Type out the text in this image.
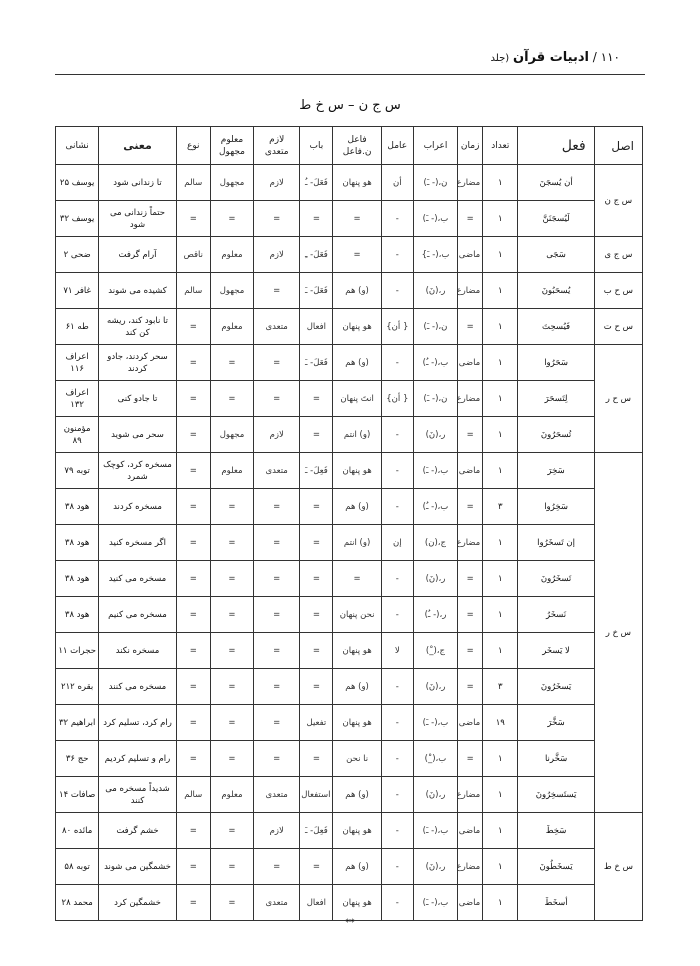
۱۱۰ / ادبیات قرآن (جلد
س ج ن – س خ ط
اصل	فعل	تعداد	زمان	اعراب	عامل	فاعل ن.فاعل	باب	لازم متعدی	معلوم مجهول	نوع	معنی	نشانی
س ج ن	أن يُسجَنَ	۱	مضارع	ن،(- ـَ)	أن	هو پنهان	فَعَلَ- ـُ	لازم	مجهول	سالم	تا زندانی شود	یوسف ۲۵
	لَيُسجَنَنَّ	۱	=	ب،(- ـَ)	-	=	=	=	=	=	حتماً زندانی می شود	یوسف ۳۲
س ج ی	سَجَی	۱	ماضی	ب،(- ـَ}	-	=	فَعَلَ- ـِ	لازم	معلوم	ناقص	آرام گرفت	ضحی ۲
س ح ب	يُسحَبُونَ	۱	مضارع	ر،(نَ)	-	(و) هم	فَعَلَ- ـَ	=	مجهول	سالم	کشیده می شوند	غافر ۷۱
س ح ت	فَيُسحِتَ	۱	=	ن،(- ـَ)	{ أن}	هو پنهان	افعال	متعدی	معلوم	=	تا نابود کند، ریشه کن کند	طه ۶۱
س ح ر	سَحَرُوا	۱	ماضی	ب،(- ـُ)	-	(و) هم	فَعَلَ- ـَ	=	=	=	سحر کردند، جادو کردند	اعراف ۱۱۶
	لِتَسحَرَ	۱	مضارع	ن،(- ـَ)	{ أن}	انتَ پنهان	=	=	=	=	تا جادو کنی	اعراف ۱۳۲
	تُسحَرُونَ	۱	=	ر،(نَ)	-	(و) انتم	=	لازم	مجهول	=	سحر می شوید	مؤمنون ۸۹
س خ ر	سَخِرَ	۱	ماضی	ب،(- ـَ)	-	هو پنهان	فَعِلَ- ـَ	متعدی	معلوم	=	مسخره کرد، کوچک شمرد	توبه ۷۹
	سَخِرُوا	۳	=	ب،(- ـُ)	-	(و) هم	=	=	=	=	مسخره کردند	هود ۳۸
	إن تَسخَرُوا	۱	مضارع	ج،(ن)	إن	(و) انتم	=	=	=	=	اگر مسخره کنید	هود ۳۸
	تَسخَرُونَ	۱	=	ر،(نَ)	-	=	=	=	=	=	مسخره می کنید	هود ۳۸
	نَسخَرُ	۱	=	ر،(- ـُ)	-	نحن پنهان	=	=	=	=	مسخره می کنیم	هود ۳۸
	لا يَسخَر	۱	=	ج،(_ْ)	لا	هو پنهان	=	=	=	=	مسخره نکند	حجرات ۱۱
	يَسخَرُونَ	۳	=	ر،(نَ)	-	(و) هم	=	=	=	=	مسخره می کنند	بقره ۲۱۲
	سَخَّرَ	۱۹	ماضی	ب،(- ـَ)	-	هو پنهان	تفعیل	=	=	=	رام کرد، تسلیم کرد	ابراهیم ۳۲
	سَخَّرنا	۱	=	ب،(_ْ)	-	نا نحن	=	=	=	=	رام و تسلیم کردیم	حج ۳۶
	يَستَسخِرُونَ	۱	مضارع	ر،(نَ)	-	(و) هم	استفعال	متعدی	معلوم	سالم	شدیداً مسخره می کنند	صافات ۱۴
س خ ط	سَخِطَ	۱	ماضی	ب،(- ـَ)	-	هو پنهان	فَعِلَ- ـَ	لازم	=	=	خشم گرفت	مائده ۸۰
	يَسخَطُونَ	۱	مضارع	ر،(نَ)	-	(و) هم	=	=	=	=	خشمگین می شوند	توبه ۵۸
	أسخَطَ	۱	ماضی	ب،(- ـَ)	-	هو پنهان	افعال	متعدی	=	=	خشمگین کرد	محمد ۲۸
**
